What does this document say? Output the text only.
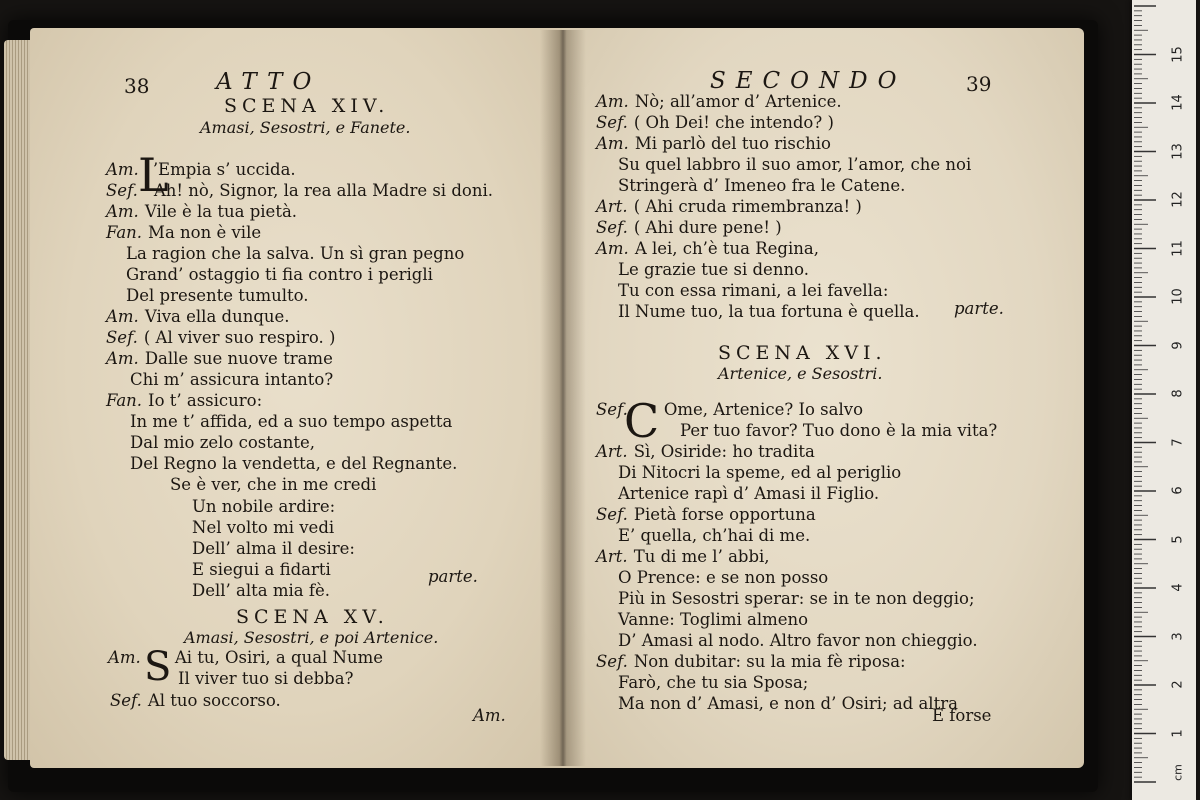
38	ATTO
SCENA XIV.
Amasi, Sesostri, e Fanete.
L
Am. ’Empia s’ uccida.
Sef. Ah! nò, Signor, la rea alla Madre si doni.
Am. Vile è la tua pietà.
Fan. Ma non è vile
La ragion che la salva. Un sì gran pegno
Grand’ ostaggio ti fia contro i perigli
Del presente tumulto.
Am. Viva ella dunque.
Sef. ( Al viver suo respiro. )
Am. Dalle sue nuove trame
Chi m’ assicura intanto?
Fan. Io t’ assicuro:
In me t’ affida, ed a suo tempo aspetta
Dal mio zelo costante,
Del Regno la vendetta, e del Regnante.
Se è ver, che in me credi
Un nobile ardire:
Nel volto mi vedi
Dell’ alma il desire:
E siegui a fidarti
Dell’ alta mia fè.
parte.
SCENA XV.
Amasi, Sesostri, e poi Artenice.
S
Am. Ai tu, Osiri, a qual Nume
Il viver tuo si debba?
Sef. Al tuo soccorso.
Am.
SECONDO	39
Am. Nò; all’amor d’ Artenice.
Sef. ( Oh Dei! che intendo? )
Am. Mi parlò del tuo rischio
Su quel labbro il suo amor, l’amor, che noi
Stringerà d’ Imeneo fra le Catene.
Art. ( Ahi cruda rimembranza! )
Sef. ( Ahi dure pene! )
Am. A lei, ch’è tua Regina,
Le grazie tue si denno.
Tu con essa rimani, a lei favella:
Il Nume tuo, la tua fortuna è quella. parte.
SCENA XVI.
Artenice, e Sesostri.
C
Sef. Ome, Artenice? Io salvo
Per tuo favor? Tuo dono è la mia vita?
Art. Sì, Osiride: ho tradita
Di Nitocri la speme, ed al periglio
Artenice rapì d’ Amasi il Figlio.
Sef. Pietà forse opportuna
E’ quella, ch’hai di me.
Art. Tu di me l’ abbi,
O Prence: e se non posso
Più in Sesostri sperar: se in te non deggio;
Vanne: Toglimi almeno
D’ Amasi al nodo. Altro favor non chieggio.
Sef. Non dubitar: su la mia fè riposa:
Farò, che tu sia Sposa;
Ma non d’ Amasi, e non d’ Osiri; ad altra
E forse
1
2
3
4
5
6
7
8
9
10
11
12
13
14
15
cm
